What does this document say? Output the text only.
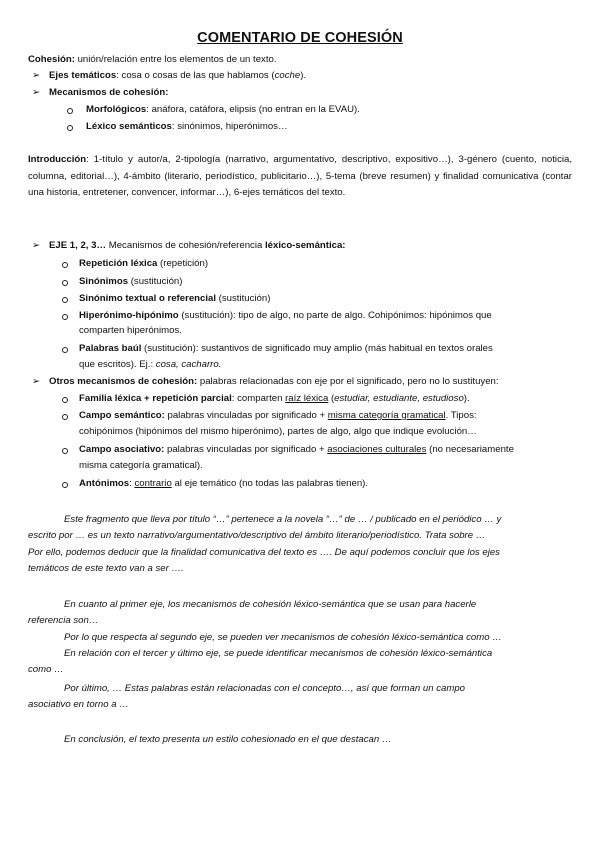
COMENTARIO DE COHESIÓN
Cohesión: unión/relación entre los elementos de un texto.
➢ Ejes temáticos: cosa o cosas de las que hablamos (coche).
➢ Mecanismos de cohesión:
Morfológicos: anáfora, catáfora, elipsis (no entran en la EVAU).
Léxico semánticos: sinónimos, hiperónimos…
Introducción: 1-título y autor/a, 2-tipología (narrativo, argumentativo, descriptivo, expositivo…), 3-género (cuento, noticia, columna, editorial…), 4-ámbito (literario, periodístico, publicitario…), 5-tema (breve resumen) y finalidad comunicativa (contar una historia, entretener, convencer, informar…), 6-ejes temáticos del texto.
➢ EJE 1, 2, 3… Mecanismos de cohesión/referencia léxico-semántica:
Repetición léxica (repetición)
Sinónimos (sustitución)
Sinónimo textual o referencial (sustitución)
Hiperónimo-hipónimo (sustitución): tipo de algo, no parte de algo. Cohipónimos: hipónimos que
comparten hiperónimos.
Palabras baúl (sustitución): sustantivos de significado muy amplio (más habitual en textos orales
que escritos). Ej.: cosa, cacharro.
➢ Otros mecanismos de cohesión: palabras relacionadas con eje por el significado, pero no lo sustituyen:
Familia léxica + repetición parcial: comparten raíz léxica (estudiar, estudiante, estudioso).
Campo semántico: palabras vinculadas por significado + misma categoría gramatical. Tipos:
cohipónimos (hipónimos del mismo hiperónimo), partes de algo, algo que indique evolución…
Campo asociativo: palabras vinculadas por significado + asociaciones culturales (no necesariamente
misma categoría gramatical).
Antónimos: contrario al eje temático (no todas las palabras tienen).
Este fragmento que lleva por título “…” pertenece a la novela “…” de … / publicado en el periódico … y
escrito por … es un texto narrativo/argumentativo/descriptivo del ámbito literario/periodístico. Trata sobre …
Por ello, podemos deducir que la finalidad comunicativa del texto es …. De aquí podemos concluir que los ejes
temáticos de este texto van a ser ….
En cuanto al primer eje, los mecanismos de cohesión léxico-semántica que se usan para hacerle
referencia son…
Por lo que respecta al segundo eje, se pueden ver mecanismos de cohesión léxico-semántica como …
En relación con el tercer y último eje, se puede identificar mecanismos de cohesión léxico-semántica
como …
Por último, … Estas palabras están relacionadas con el concepto…, así que forman un campo
asociativo en torno a …
En conclusión, el texto presenta un estilo cohesionado en el que destacan …
